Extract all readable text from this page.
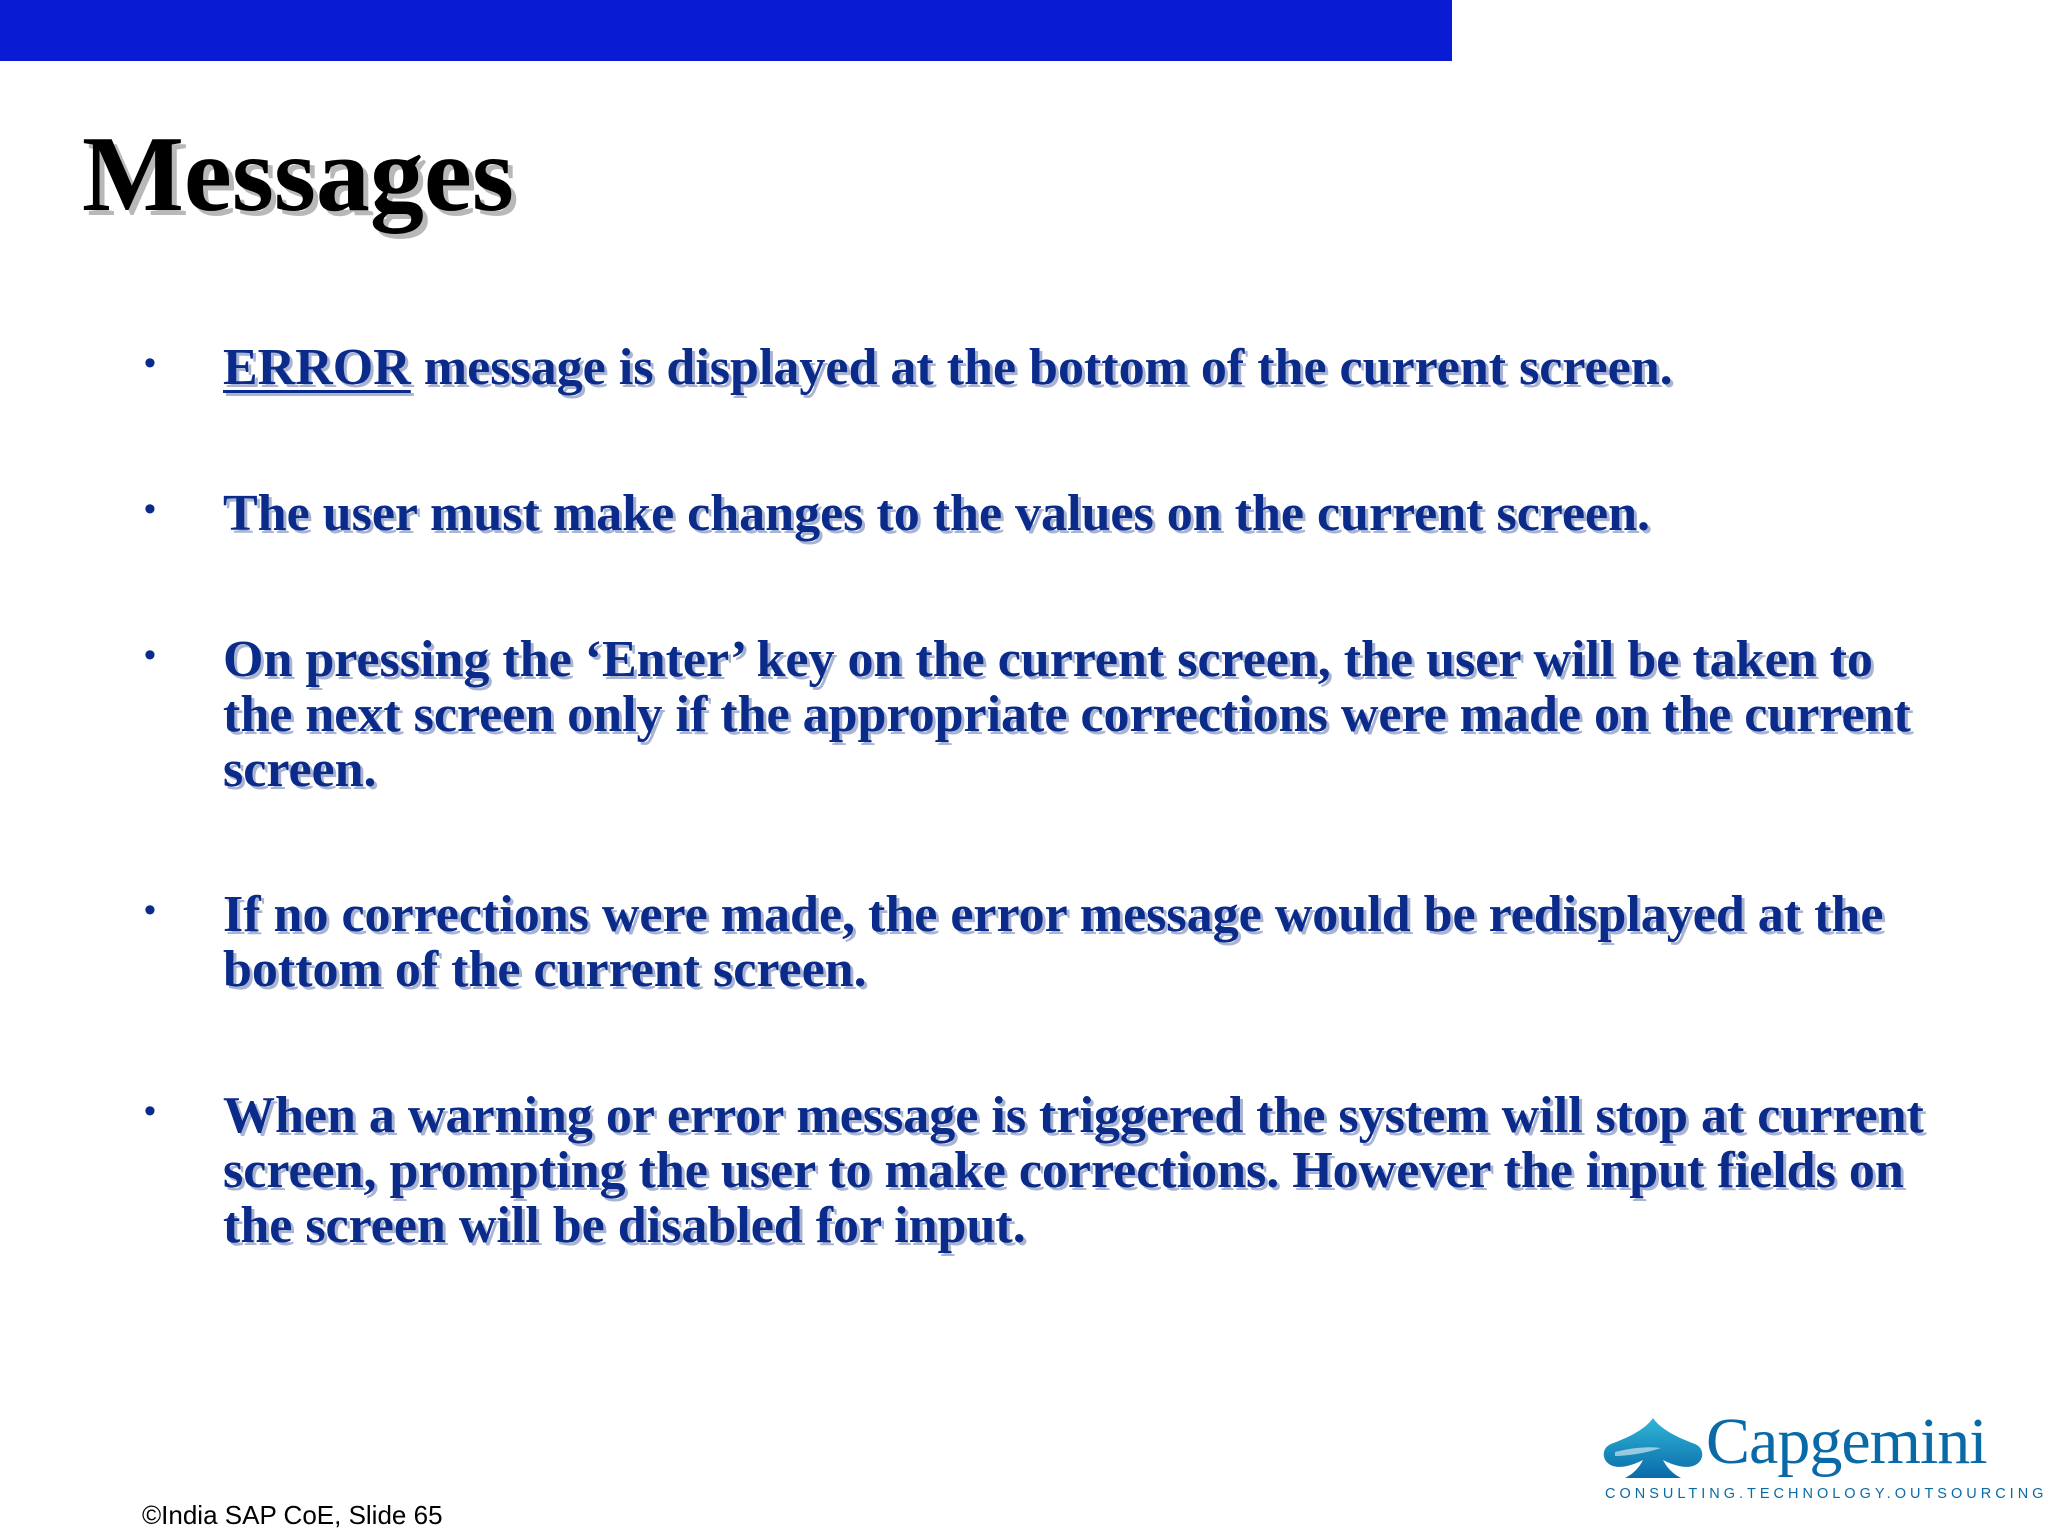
Messages
• ERROR message is displayed at the bottom of the current screen.

• The user must make changes to the values on the current screen.

• On pressing the ‘Enter’ key on the current screen, the user will be taken to the next screen only if the appropriate corrections were made on the current screen.

• If no corrections were made, the error message would be redisplayed at the bottom of the current screen.

• When a warning or error message is triggered the system will stop at current screen, prompting the user to make corrections. However the input fields on the screen will be disabled for input.

Capgemini
CONSULTING.TECHNOLOGY.OUTSOURCING
©India SAP CoE, Slide 65
